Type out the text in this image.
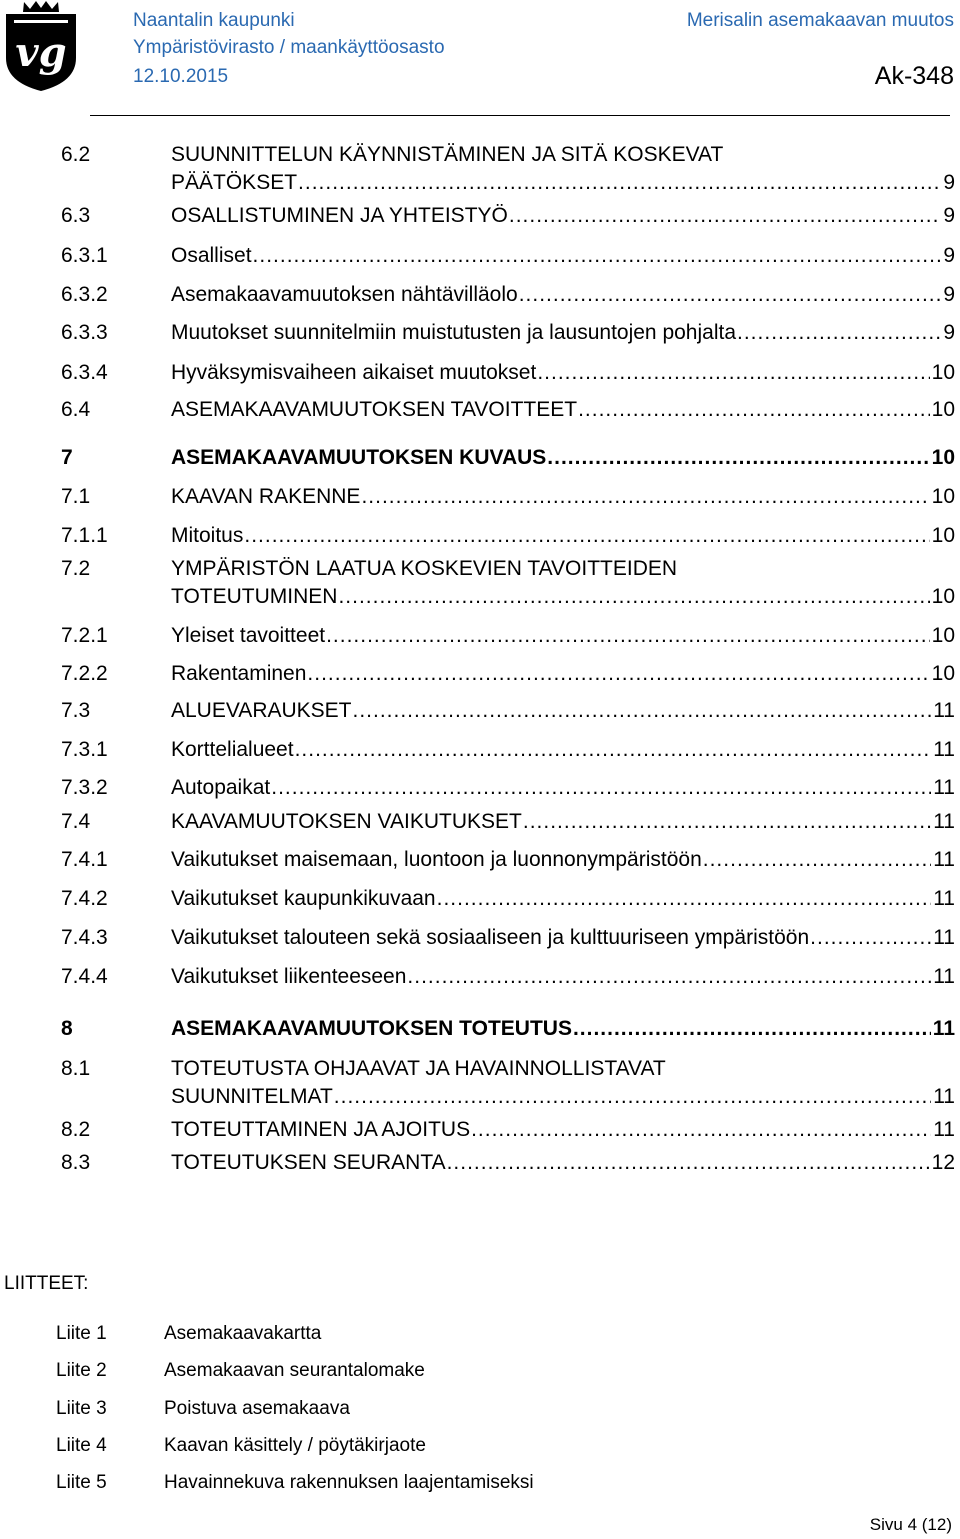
vg
Naantalin kaupunki
Ympäristövirasto / maankäyttöosasto
12.10.2015
Merisalin asemakaavan muutos
Ak-348
6.2	SUUNNITTELUN KÄYNNISTÄMINEN JA SITÄ KOSKEVAT
PÄÄTÖKSET .....	9
6.3	OSALLISTUMINEN JA YHTEISTYÖ .....	9
6.3.1	Osalliset .....	9
6.3.2	Asemakaavamuutoksen nähtävilläolo .....	9
6.3.3	Muutokset suunnitelmiin muistutusten ja lausuntojen pohjalta .....	9
6.3.4	Hyväksymisvaiheen aikaiset muutokset .....	10
6.4	ASEMAKAAVAMUUTOKSEN TAVOITTEET .....	10
7	ASEMAKAAVAMUUTOKSEN KUVAUS .....	10
7.1	KAAVAN RAKENNE .....	10
7.1.1	Mitoitus .....	10
7.2	YMPÄRISTÖN LAATUA KOSKEVIEN TAVOITTEIDEN
TOTEUTUMINEN .....	10
7.2.1	Yleiset tavoitteet .....	10
7.2.2	Rakentaminen .....	10
7.3	ALUEVARAUKSET .....	11
7.3.1	Korttelialueet .....	11
7.3.2	Autopaikat .....	11
7.4	KAAVAMUUTOKSEN VAIKUTUKSET .....	11
7.4.1	Vaikutukset maisemaan, luontoon ja luonnonympäristöön .....	11
7.4.2	Vaikutukset kaupunkikuvaan .....	11
7.4.3	Vaikutukset talouteen sekä sosiaaliseen ja kulttuuriseen ympäristöön .....	11
7.4.4	Vaikutukset liikenteeseen .....	11
8	ASEMAKAAVAMUUTOKSEN TOTEUTUS .....	11
8.1	TOTEUTUSTA OHJAAVAT JA HAVAINNOLLISTAVAT
SUUNNITELMAT .....	11
8.2	TOTEUTTAMINEN JA AJOITUS .....	11
8.3	TOTEUTUKSEN SEURANTA .....	12
LIITTEET:
Liite 1	Asemakaavakartta
Liite 2	Asemakaavan seurantalomake
Liite 3	Poistuva asemakaava
Liite 4	Kaavan käsittely / pöytäkirjaote
Liite 5	Havainnekuva rakennuksen laajentamiseksi
Sivu 4 (12)
